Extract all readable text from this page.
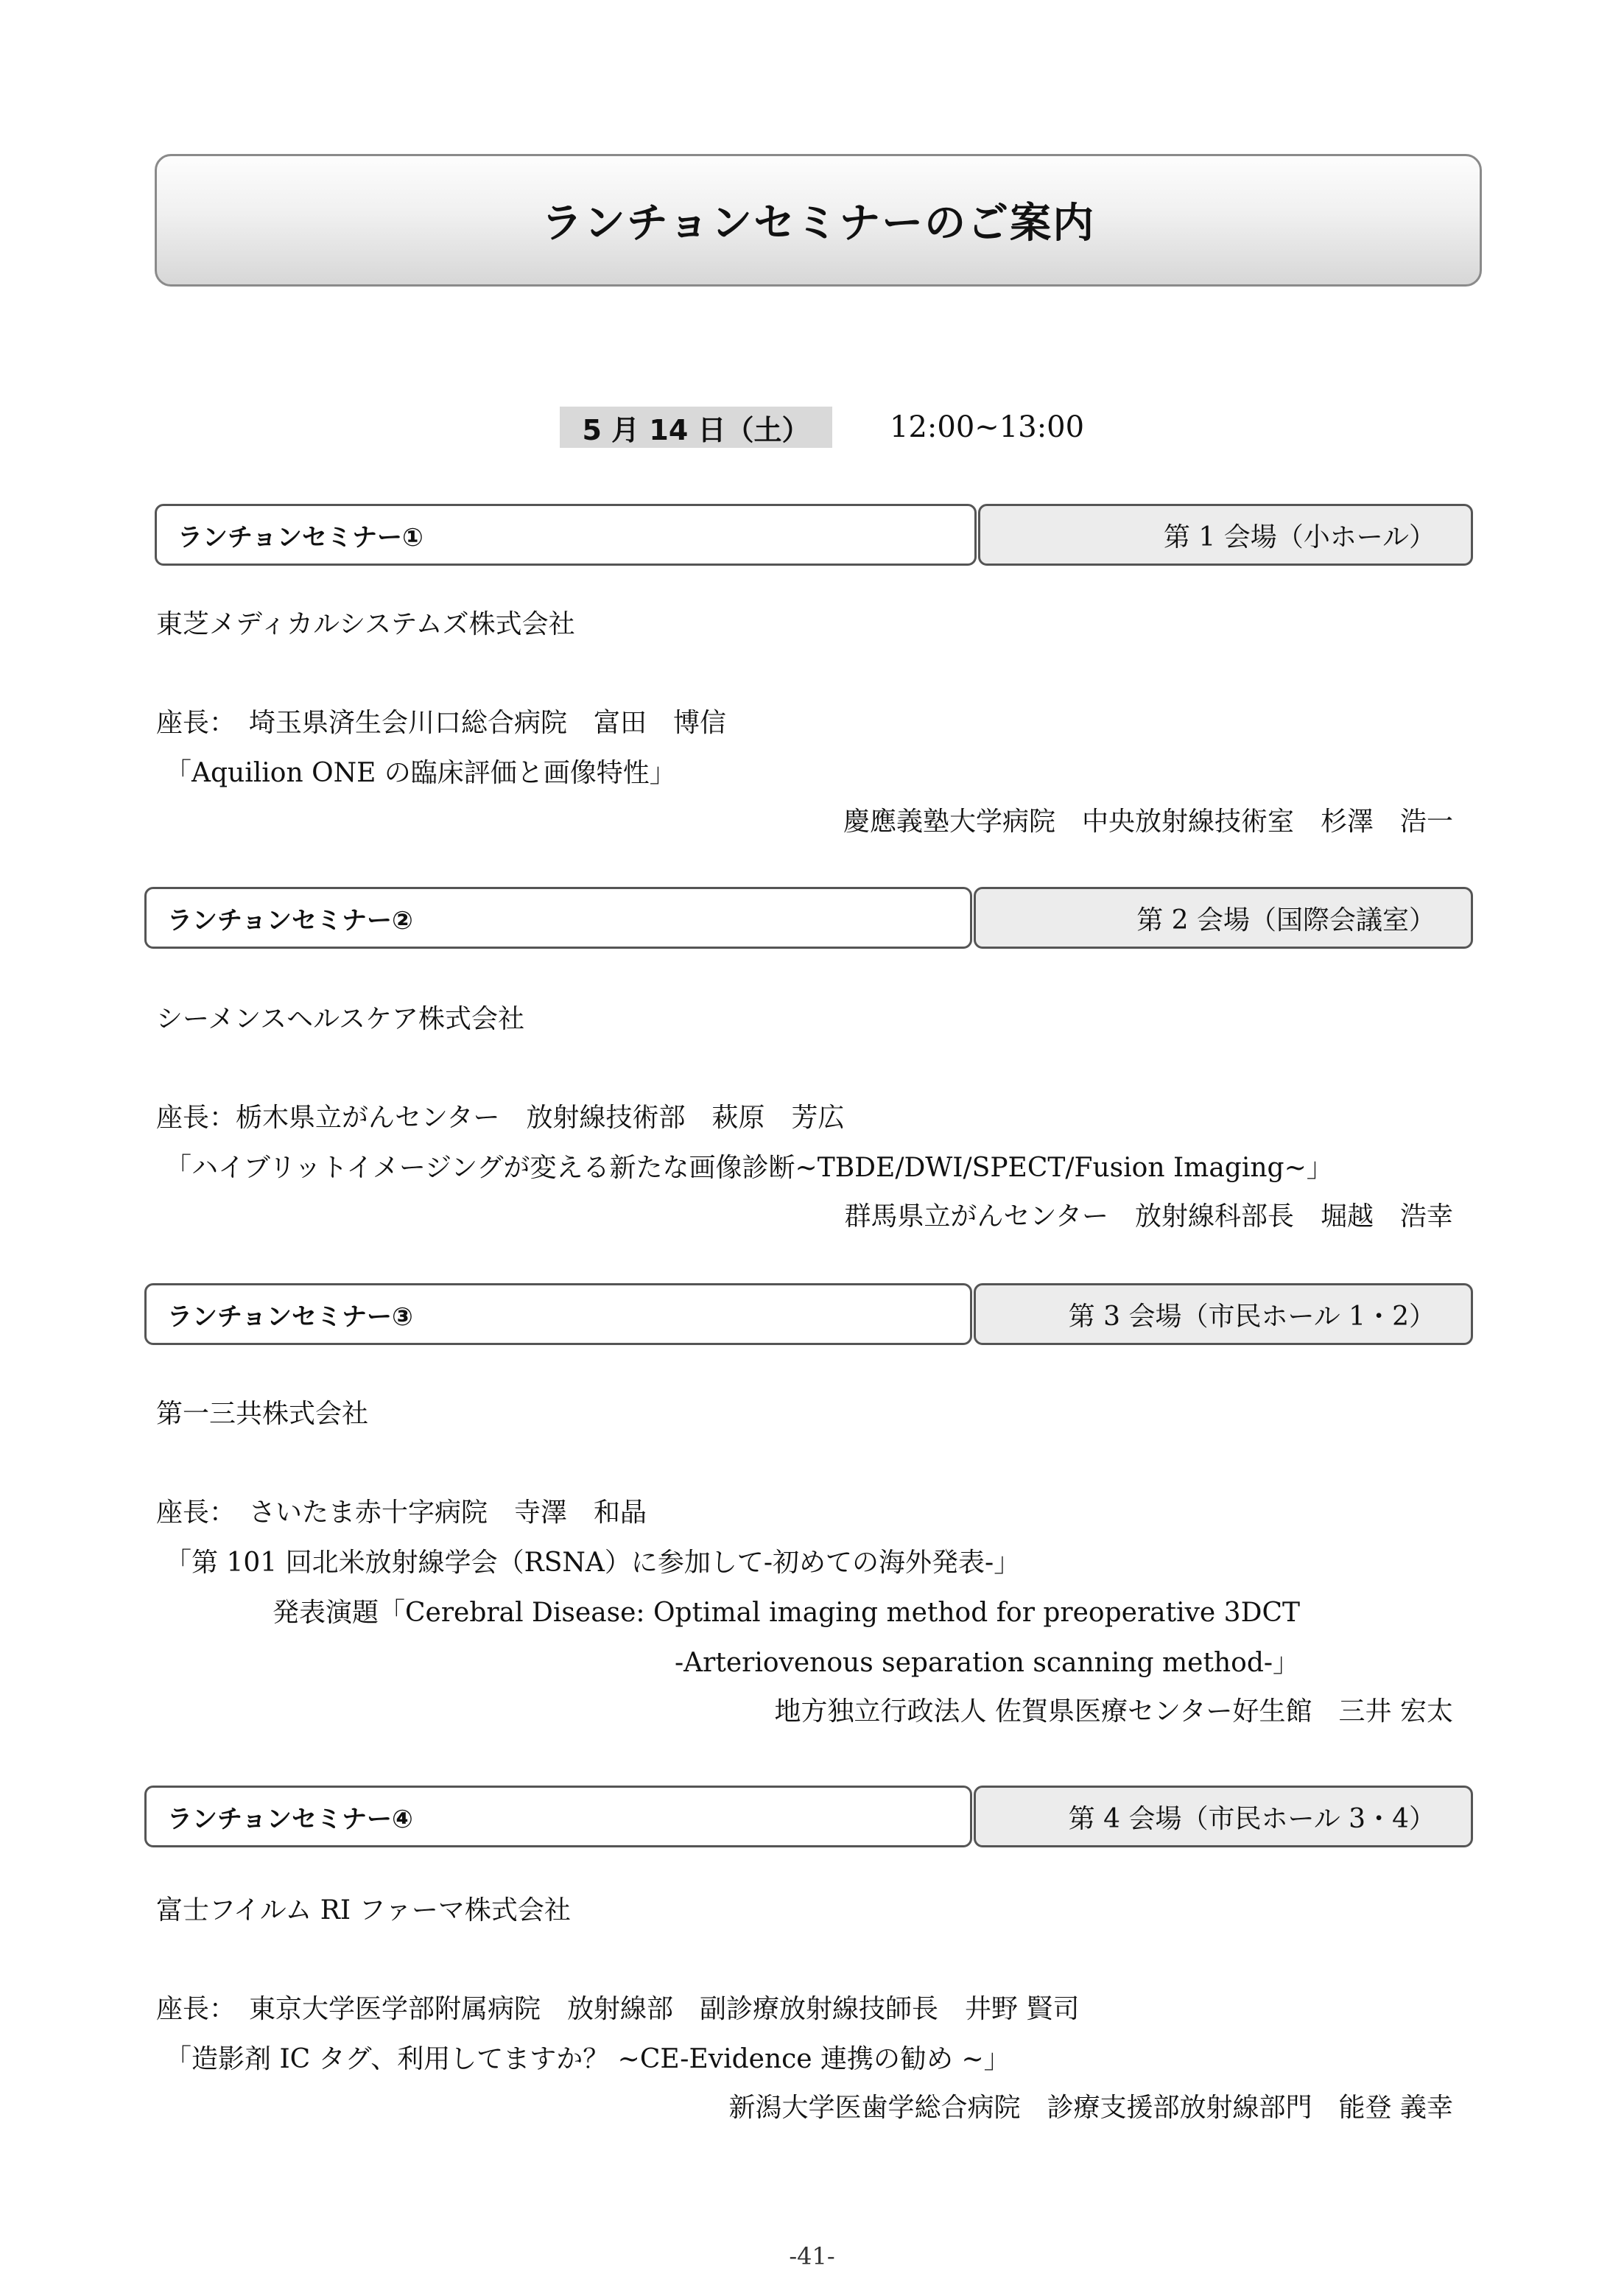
ランチョンセミナーのご案内
5 月 14 日（土）	12:00~13:00
ランチョンセミナー①	第 1 会場（小ホール）
東芝メディカルシステムズ株式会社
座長：　埼玉県済生会川口総合病院　富田　博信
「Aquilion ONE の臨床評価と画像特性」
慶應義塾大学病院　中央放射線技術室　杉澤　浩一
ランチョンセミナー②	第 2 会場（国際会議室）
シーメンスヘルスケア株式会社
座長：栃木県立がんセンター　放射線技術部　萩原　芳広
「ハイブリットイメージングが変える新たな画像診断~TBDE/DWI/SPECT/Fusion Imaging~」
群馬県立がんセンター　放射線科部長　堀越　浩幸
ランチョンセミナー③	第 3 会場（市民ホール 1・2）
第一三共株式会社
座長：　さいたま赤十字病院　寺澤　和晶
「第 101 回北米放射線学会（RSNA）に参加して-初めての海外発表-」
発表演題「Cerebral Disease: Optimal imaging method for preoperative 3DCT
-Arteriovenous separation scanning method-」
地方独立行政法人 佐賀県医療センター好生館　三井 宏太
ランチョンセミナー④	第 4 会場（市民ホール 3・4）
富士フイルム RI ファーマ株式会社
座長：　東京大学医学部附属病院　放射線部　副診療放射線技師長　井野 賢司
「造影剤 IC タグ、利用してますか？ ~CE-Evidence 連携の勧め ~」
新潟大学医歯学総合病院　診療支援部放射線部門　能登 義幸
-41-
